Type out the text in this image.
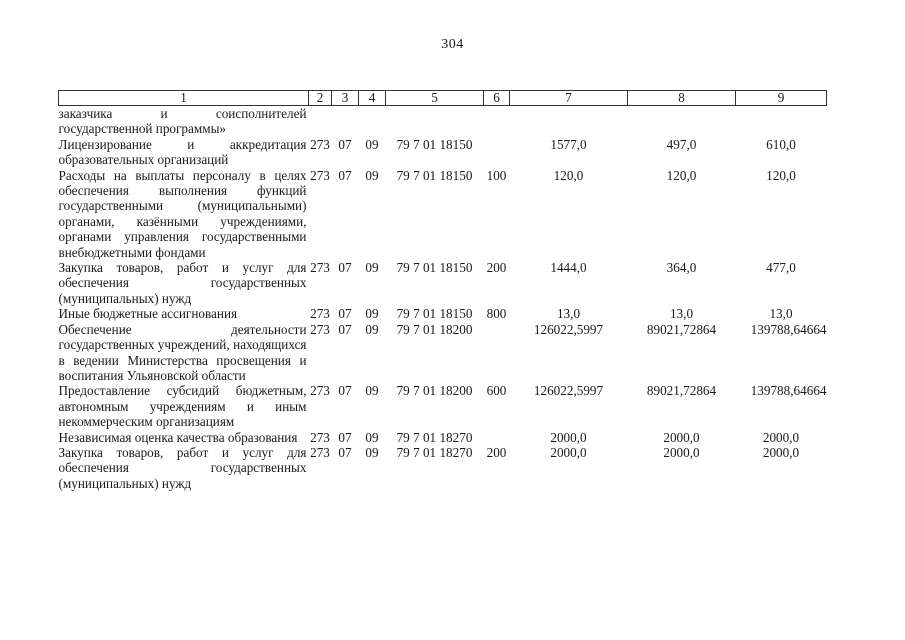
304
1	2	3	4	5	6	7	8	9
заказчика и соисполнителей государственной программы»								
Лицензирование и аккредитация образовательных организаций	273	07	09	79 7 01 18150		1577,0	497,0	610,0
Расходы на выплаты персоналу в целях обеспечения выполнения функций государственными (муниципальными) органами, казёнными учреждениями, органами управления государственными внебюджетными фондами	273	07	09	79 7 01 18150	100	120,0	120,0	120,0
Закупка товаров, работ и услуг для обеспечения государственных (муниципальных) нужд	273	07	09	79 7 01 18150	200	1444,0	364,0	477,0
Иные бюджетные ассигнования	273	07	09	79 7 01 18150	800	13,0	13,0	13,0
Обеспечение деятельности государственных учреждений, находящихся в ведении Министерства просвещения и воспитания Ульяновской области	273	07	09	79 7 01 18200		126022,5997	89021,72864	139788,64664
Предоставление субсидий бюджетным, автономным учреждениям и иным некоммерческим организациям	273	07	09	79 7 01 18200	600	126022,5997	89021,72864	139788,64664
Независимая оценка качества образования	273	07	09	79 7 01 18270		2000,0	2000,0	2000,0
Закупка товаров, работ и услуг для обеспечения государственных (муниципальных) нужд	273	07	09	79 7 01 18270	200	2000,0	2000,0	2000,0
